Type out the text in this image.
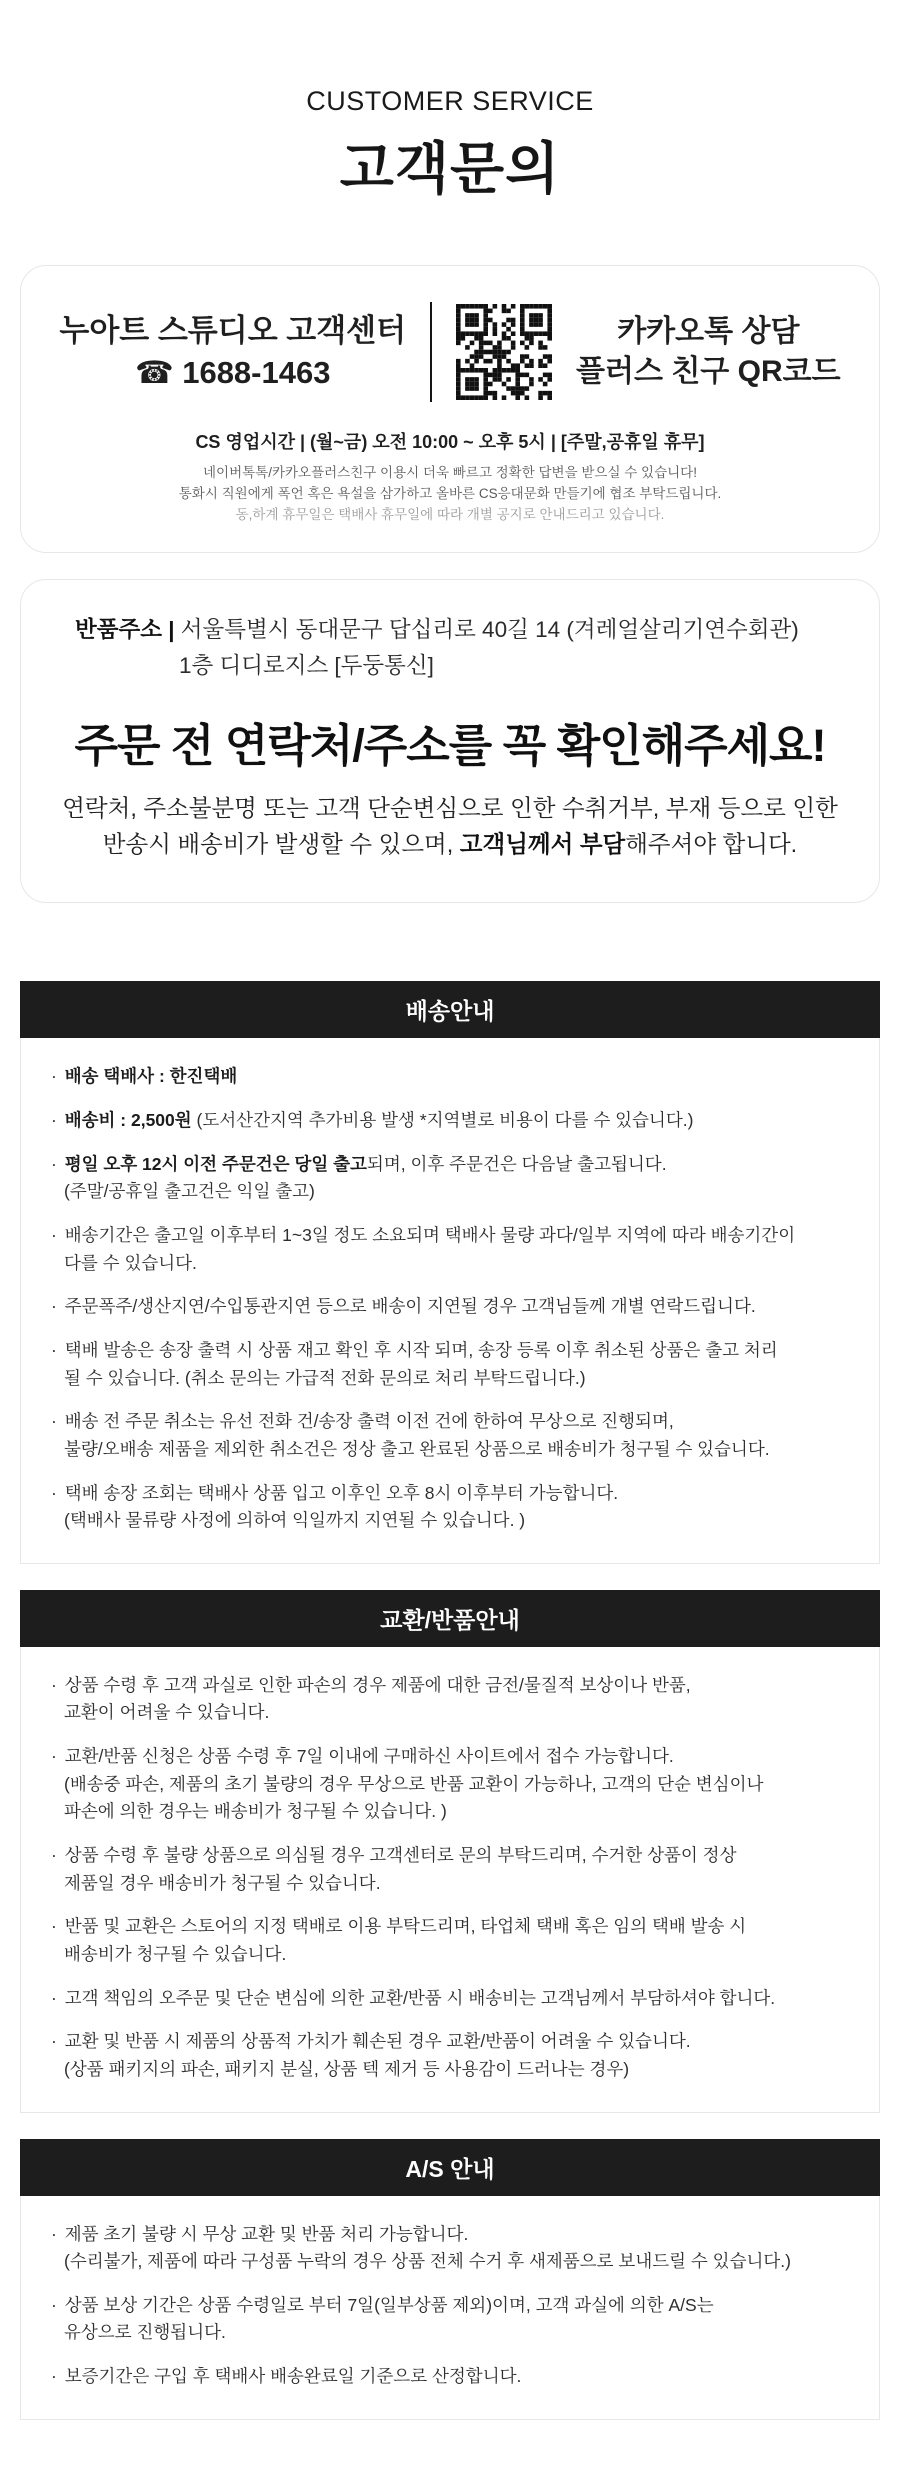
CUSTOMER SERVICE
고객문의
누아트 스튜디오 고객센터
☎ 1688-1463
카카오톡 상담
플러스 친구 QR코드
CS 영업시간 | (월~금) 오전 10:00 ~ 오후 5시 | [주말,공휴일 휴무]
네이버톡톡/카카오플러스친구 이용시 더욱 빠르고 정확한 답변을 받으실 수 있습니다!
통화시 직원에게 폭언 혹은 욕설을 삼가하고 올바른 CS응대문화 만들기에 협조 부탁드립니다.
동,하계 휴무일은 택배사 휴무일에 따라 개별 공지로 안내드리고 있습니다.
반품주소 | 서울특별시 동대문구 답십리로 40길 14 (겨레얼살리기연수회관)
1층 디디로지스 [두둥통신]
주문 전 연락처/주소를 꼭 확인해주세요!
연락처, 주소불분명 또는 고객 단순변심으로 인한 수취거부, 부재 등으로 인한
반송시 배송비가 발생할 수 있으며, 고객님께서 부담해주셔야 합니다.
배송안내
· 배송 택배사 : 한진택배
· 배송비 : 2,500원 (도서산간지역 추가비용 발생 *지역별로 비용이 다를 수 있습니다.)
· 평일 오후 12시 이전 주문건은 당일 출고되며, 이후 주문건은 다음날 출고됩니다.
(주말/공휴일 출고건은 익일 출고)
· 배송기간은 출고일 이후부터 1~3일 정도 소요되며 택배사 물량 과다/일부 지역에 따라 배송기간이
다를 수 있습니다.
· 주문폭주/생산지연/수입통관지연 등으로 배송이 지연될 경우 고객님들께 개별 연락드립니다.
· 택배 발송은 송장 출력 시 상품 재고 확인 후 시작 되며, 송장 등록 이후 취소된 상품은 출고 처리
될 수 있습니다. (취소 문의는 가급적 전화 문의로 처리 부탁드립니다.)
· 배송 전 주문 취소는 유선 전화 건/송장 출력 이전 건에 한하여 무상으로 진행되며,
불량/오배송 제품을 제외한 취소건은 정상 출고 완료된 상품으로 배송비가 청구될 수 있습니다.
· 택배 송장 조회는 택배사 상품 입고 이후인 오후 8시 이후부터 가능합니다.
(택배사 물류량 사정에 의하여 익일까지 지연될 수 있습니다. )
교환/반품안내
· 상품 수령 후 고객 과실로 인한 파손의 경우 제품에 대한 금전/물질적 보상이나 반품,
교환이 어려울 수 있습니다.
· 교환/반품 신청은 상품 수령 후 7일 이내에 구매하신 사이트에서 접수 가능합니다.
(배송중 파손, 제품의 초기 불량의 경우 무상으로 반품 교환이 가능하나, 고객의 단순 변심이나
파손에 의한 경우는 배송비가 청구될 수 있습니다. )
· 상품 수령 후 불량 상품으로 의심될 경우 고객센터로 문의 부탁드리며, 수거한 상품이 정상
제품일 경우 배송비가 청구될 수 있습니다.
· 반품 및 교환은 스토어의 지정 택배로 이용 부탁드리며, 타업체 택배 혹은 임의 택배 발송 시
배송비가 청구될 수 있습니다.
· 고객 책임의 오주문 및 단순 변심에 의한 교환/반품 시 배송비는 고객님께서 부담하셔야 합니다.
· 교환 및 반품 시 제품의 상품적 가치가 훼손된 경우 교환/반품이 어려울 수 있습니다.
(상품 패키지의 파손, 패키지 분실, 상품 텍 제거 등 사용감이 드러나는 경우)
A/S 안내
· 제품 초기 불량 시 무상 교환 및 반품 처리 가능합니다.
(수리불가, 제품에 따라 구성품 누락의 경우 상품 전체 수거 후 새제품으로 보내드릴 수 있습니다.)
· 상품 보상 기간은 상품 수령일로 부터 7일(일부상품 제외)이며, 고객 과실에 의한 A/S는
유상으로 진행됩니다.
· 보증기간은 구입 후 택배사 배송완료일 기준으로 산정합니다.
